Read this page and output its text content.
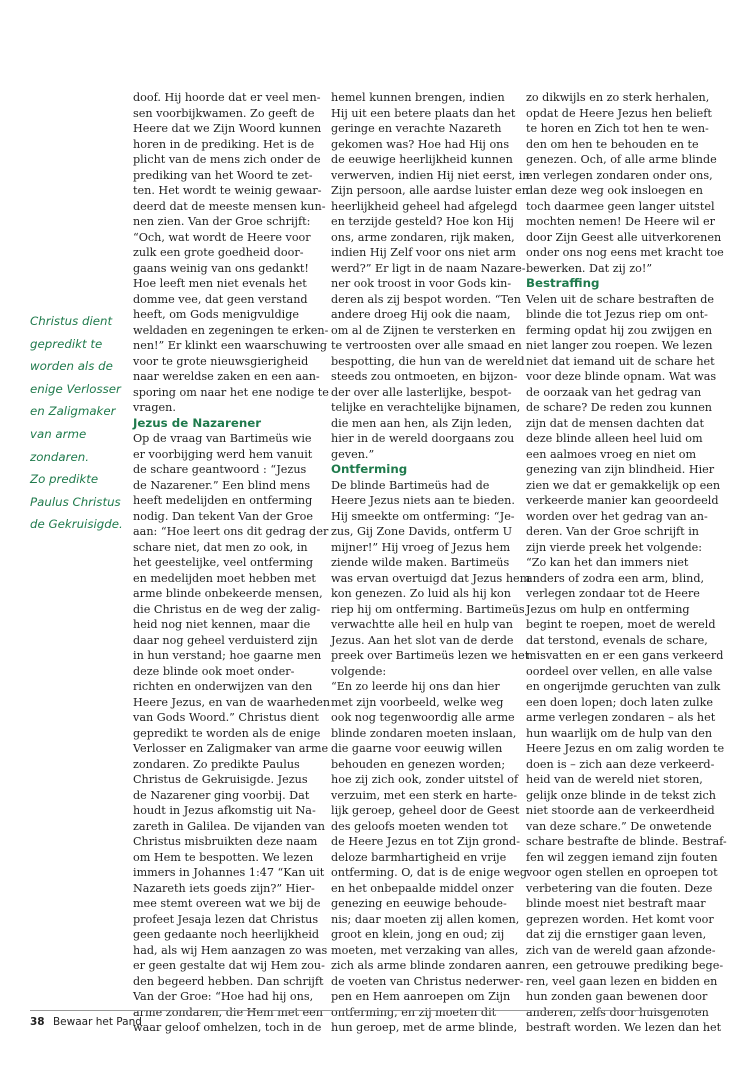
Christus dient
gepredikt te
worden als de
enige Verlosser
en Zaligmaker
van arme
zondaren.
Zo predikte
Paulus Christus
de Gekruisigde.

doof. Hij hoorde dat er veel men-
sen voorbijkwamen. Zo geeft de
Heere dat we Zijn Woord kunnen
horen in de prediking. Het is de
plicht van de mens zich onder de
prediking van het Woord te zet-
ten. Het wordt te weinig gewaar-
deerd dat de meeste mensen kun-
nen zien. Van der Groe schrijft:
“Och, wat wordt de Heere voor
zulk een grote goedheid door-
gaans weinig van ons gedankt!
Hoe leeft men niet evenals het
domme vee, dat geen verstand
heeft, om Gods menigvuldige
weldaden en zegeningen te erken-
nen!” Er klinkt een waarschuwing
voor te grote nieuwsgierigheid
naar wereldse zaken en een aan-
sporing om naar het ene nodige te
vragen.

Jezus de Nazarener

Op de vraag van Bartimeüs wie
er voorbijging werd hem vanuit
de schare geantwoord : “Jezus
de Nazarener.” Een blind mens
heeft medelijden en ontferming
nodig. Dan tekent Van der Groe
aan: “Hoe leert ons dit gedrag der
schare niet, dat men zo ook, in
het geestelijke, veel ontferming
en medelijden moet hebben met
arme blinde onbekeerde mensen,
die Christus en de weg der zalig-
heid nog niet kennen, maar die
daar nog geheel verduisterd zijn
in hun verstand; hoe gaarne men
deze blinde ook moet onder-
richten en onderwijzen van den
Heere Jezus, en van de waarheden
van Gods Woord.” Christus dient
gepredikt te worden als de enige
Verlosser en Zaligmaker van arme
zondaren. Zo predikte Paulus
Christus de Gekruisigde. Jezus
de Nazarener ging voorbij. Dat
houdt in Jezus afkomstig uit Na-
zareth in Galilea. De vijanden van
Christus misbruikten deze naam
om Hem te bespotten. We lezen
immers in Johannes 1:47 “Kan uit
Nazareth iets goeds zijn?” Hier-
mee stemt overeen wat we bij de
profeet Jesaja lezen dat Christus
geen gedaante noch heerlijkheid
had, als wij Hem aanzagen zo was
er geen gestalte dat wij Hem zou-
den begeerd hebben. Dan schrijft
Van der Groe: “Hoe had hij ons,
arme zondaren, die Hem met een
waar geloof omhelzen, toch in de

hemel kunnen brengen, indien
Hij uit een betere plaats dan het
geringe en verachte Nazareth
gekomen was? Hoe had Hij ons
de eeuwige heerlijkheid kunnen
verwerven, indien Hij niet eerst, in
Zijn persoon, alle aardse luister en
heerlijkheid geheel had afgelegd
en terzijde gesteld? Hoe kon Hij
ons, arme zondaren, rijk maken,
indien Hij Zelf voor ons niet arm
werd?” Er ligt in de naam Nazare-
ner ook troost in voor Gods kin-
deren als zij bespot worden. “Ten
andere droeg Hij ook die naam,
om al de Zijnen te versterken en
te vertroosten over alle smaad en
bespotting, die hun van de wereld
steeds zou ontmoeten, en bijzon-
der over alle lasterlijke, bespot-
telijke en verachtelijke bijnamen,
die men aan hen, als Zijn leden,
hier in de wereld doorgaans zou
geven.”

Ontferming

De blinde Bartimeüs had de
Heere Jezus niets aan te bieden.
Hij smeekte om ontferming: “Je-
zus, Gij Zone Davids, ontferm U
mijner!” Hij vroeg of Jezus hem
ziende wilde maken. Bartimeüs
was ervan overtuigd dat Jezus hem
kon genezen. Zo luid als hij kon
riep hij om ontferming. Bartimeüs
verwachtte alle heil en hulp van
Jezus. Aan het slot van de derde
preek over Bartimeüs lezen we het
volgende:
“En zo leerde hij ons dan hier
met zijn voorbeeld, welke weg
ook nog tegenwoordig alle arme
blinde zondaren moeten inslaan,
die gaarne voor eeuwig willen
behouden en genezen worden;
hoe zij zich ook, zonder uitstel of
verzuim, met een sterk en harte-
lijk geroep, geheel door de Geest
des geloofs moeten wenden tot
de Heere Jezus en tot Zijn grond-
deloze barmhartigheid en vrije
ontferming. O, dat is de enige weg
en het onbepaalde middel onzer
genezing en eeuwige behoude-
nis; daar moeten zij allen komen,
groot en klein, jong en oud; zij
moeten, met verzaking van alles,
zich als arme blinde zondaren aan
de voeten van Christus nederwer-
pen en Hem aanroepen om Zijn
ontferming, en zij moeten dit
hun geroep, met de arme blinde,

zo dikwijls en zo sterk herhalen,
opdat de Heere Jezus hen belieft
te horen en Zich tot hen te wen-
den om hen te behouden en te
genezen. Och, of alle arme blinde
en verlegen zondaren onder ons,
dan deze weg ook insloegen en
toch daarmee geen langer uitstel
mochten nemen! De Heere wil er
door Zijn Geest alle uitverkorenen
onder ons nog eens met kracht toe
bewerken. Dat zij zo!”

Bestraffing

Velen uit de schare bestraften de
blinde die tot Jezus riep om ont-
ferming opdat hij zou zwijgen en
niet langer zou roepen. We lezen
niet dat iemand uit de schare het
voor deze blinde opnam. Wat was
de oorzaak van het gedrag van
de schare? De reden zou kunnen
zijn dat de mensen dachten dat
deze blinde alleen heel luid om
een aalmoes vroeg en niet om
genezing van zijn blindheid. Hier
zien we dat er gemakkelijk op een
verkeerde manier kan geoordeeld
worden over het gedrag van an-
deren. Van der Groe schrijft in
zijn vierde preek het volgende:
“Zo kan het dan immers niet
anders of zodra een arm, blind,
verlegen zondaar tot de Heere
Jezus om hulp en ontferming
begint te roepen, moet de wereld
dat terstond, evenals de schare,
misvatten en er een gans verkeerd
oordeel over vellen, en alle valse
en ongerijmde geruchten van zulk
een doen lopen; doch laten zulke
arme verlegen zondaren – als het
hun waarlijk om de hulp van den
Heere Jezus en om zalig worden te
doen is – zich aan deze verkeerd-
heid van de wereld niet storen,
gelijk onze blinde in de tekst zich
niet stoorde aan de verkeerdheid
van deze schare.” De onwetende
schare bestrafte de blinde. Bestraf-
fen wil zeggen iemand zijn fouten
voor ogen stellen en oproepen tot
verbetering van die fouten. Deze
blinde moest niet bestraft maar
geprezen worden. Het komt voor
dat zij die ernstiger gaan leven,
zich van de wereld gaan afzonde-
ren, een getrouwe prediking bege-
ren, veel gaan lezen en bidden en
hun zonden gaan bewenen door
anderen, zelfs door huisgenoten
bestraft worden. We lezen dan het

38 Bewaar het Pand
